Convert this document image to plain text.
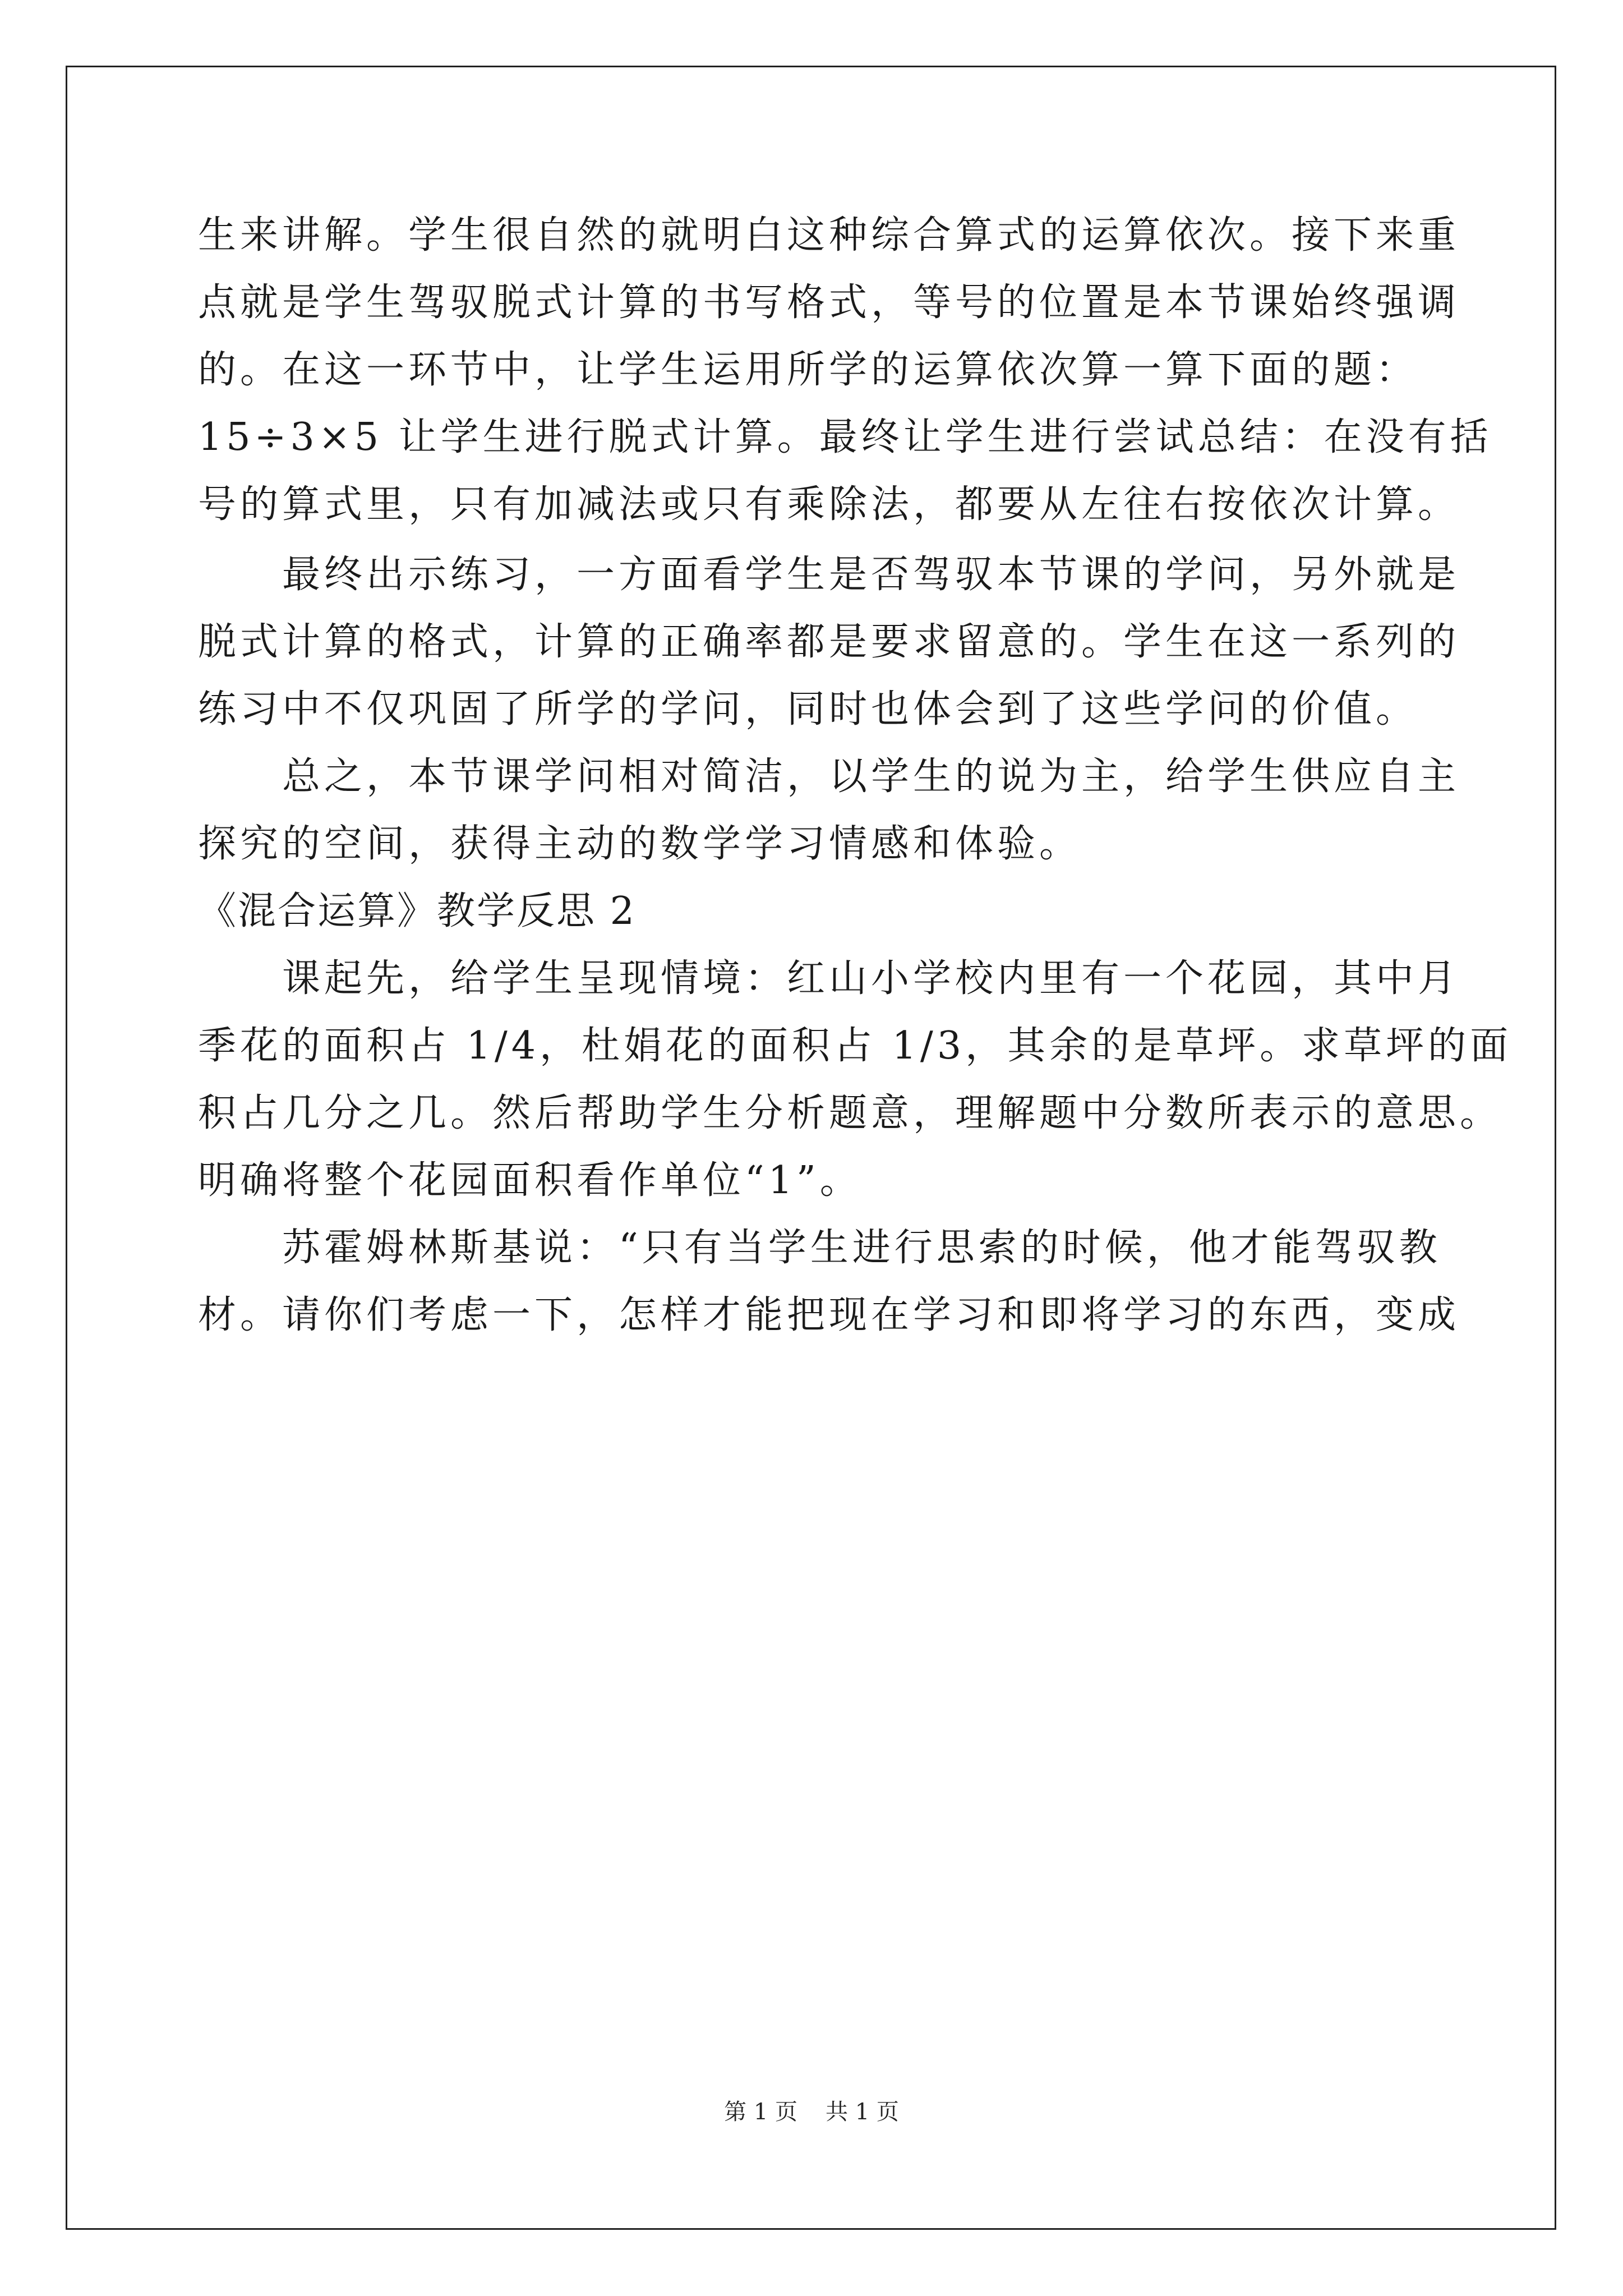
生来讲解。学生很自然的就明白这种综合算式的运算依次。接下来重
点就是学生驾驭脱式计算的书写格式，等号的位置是本节课始终强调
的。在这一环节中，让学生运用所学的运算依次算一算下面的题：
15÷3×5 让学生进行脱式计算。最终让学生进行尝试总结：在没有括
号的算式里，只有加减法或只有乘除法，都要从左往右按依次计算。
　　最终出示练习，一方面看学生是否驾驭本节课的学问，另外就是
脱式计算的格式，计算的正确率都是要求留意的。学生在这一系列的
练习中不仅巩固了所学的学问，同时也体会到了这些学问的价值。
　　总之，本节课学问相对简洁，以学生的说为主，给学生供应自主
探究的空间，获得主动的数学学习情感和体验。
《混合运算》教学反思 2
　　课起先，给学生呈现情境：红山小学校内里有一个花园，其中月
季花的面积占 1/4，杜娟花的面积占 1/3，其余的是草坪。求草坪的面
积占几分之几。然后帮助学生分析题意，理解题中分数所表示的意思。
明确将整个花园面积看作单位“1”。
　　苏霍姆林斯基说：“只有当学生进行思索的时候，他才能驾驭教
材。请你们考虑一下，怎样才能把现在学习和即将学习的东西，变成
第 1 页 共 1 页
